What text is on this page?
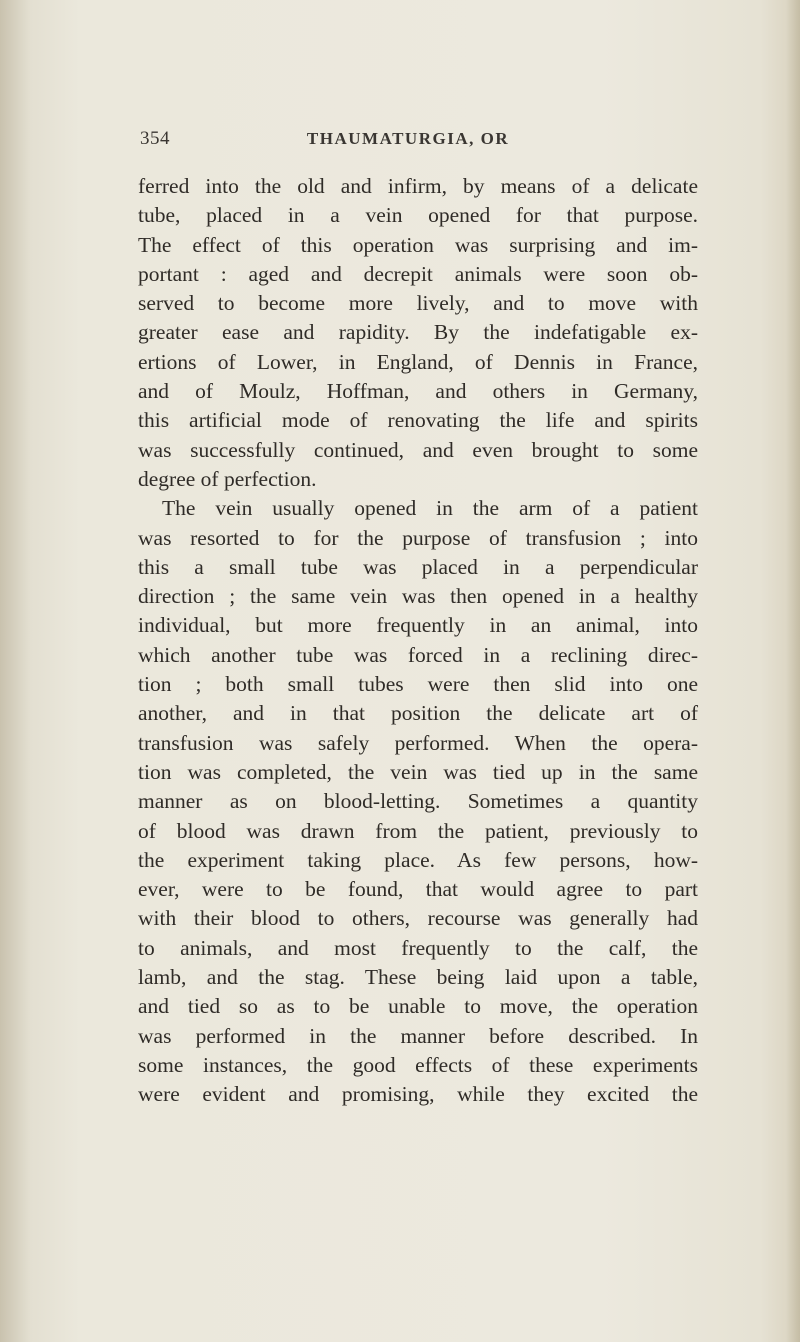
354	THAUMATURGIA, OR
ferred into the old and infirm, by means of a delicate
tube, placed in a vein opened for that purpose.
The effect of this operation was surprising and im-
portant : aged and decrepit animals were soon ob-
served to become more lively, and to move with
greater ease and rapidity. By the indefatigable ex-
ertions of Lower, in England, of Dennis in France,
and of Moulz, Hoffman, and others in Germany,
this artificial mode of renovating the life and spirits
was successfully continued, and even brought to some
degree of perfection.
The vein usually opened in the arm of a patient
was resorted to for the purpose of transfusion ; into
this a small tube was placed in a perpendicular
direction ; the same vein was then opened in a healthy
individual, but more frequently in an animal, into
which another tube was forced in a reclining direc-
tion ; both small tubes were then slid into one
another, and in that position the delicate art of
transfusion was safely performed. When the opera-
tion was completed, the vein was tied up in the same
manner as on blood-letting. Sometimes a quantity
of blood was drawn from the patient, previously to
the experiment taking place. As few persons, how-
ever, were to be found, that would agree to part
with their blood to others, recourse was generally had
to animals, and most frequently to the calf, the
lamb, and the stag. These being laid upon a table,
and tied so as to be unable to move, the operation
was performed in the manner before described. In
some instances, the good effects of these experiments
were evident and promising, while they excited the
